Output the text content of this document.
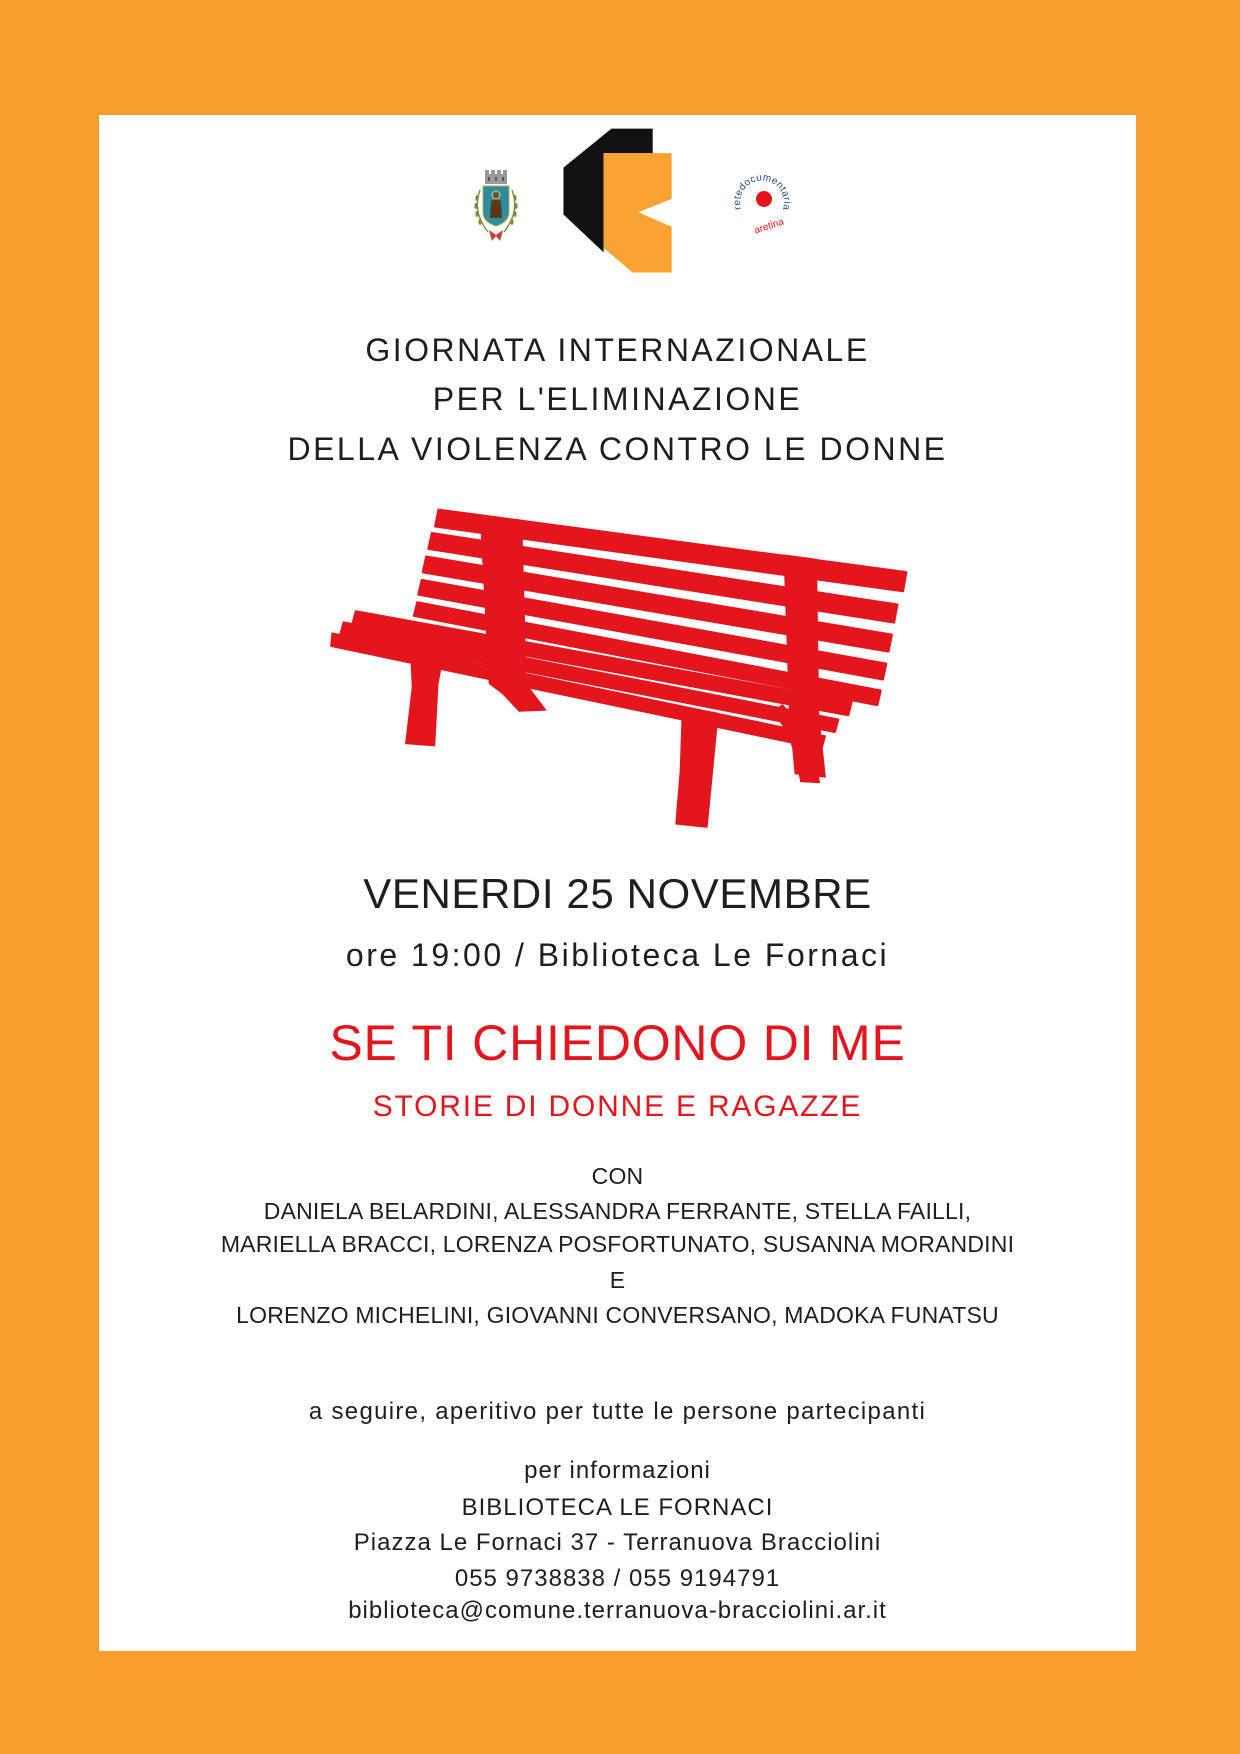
retedocumentaria
aretina
GIORNATA INTERNAZIONALE
PER L'ELIMINAZIONE
DELLA VIOLENZA CONTRO LE DONNE
VENERDI 25 NOVEMBRE
ore 19:00 / Biblioteca Le Fornaci
SE TI CHIEDONO DI ME
STORIE DI DONNE E RAGAZZE
CON
DANIELA BELARDINI, ALESSANDRA FERRANTE, STELLA FAILLI,
MARIELLA BRACCI, LORENZA POSFORTUNATO, SUSANNA MORANDINI
E
LORENZO MICHELINI, GIOVANNI CONVERSANO, MADOKA FUNATSU
a seguire, aperitivo per tutte le persone partecipanti
per informazioni
BIBLIOTECA LE FORNACI
Piazza Le Fornaci 37 - Terranuova Bracciolini
055 9738838 / 055 9194791
biblioteca@comune.terranuova-bracciolini.ar.it
